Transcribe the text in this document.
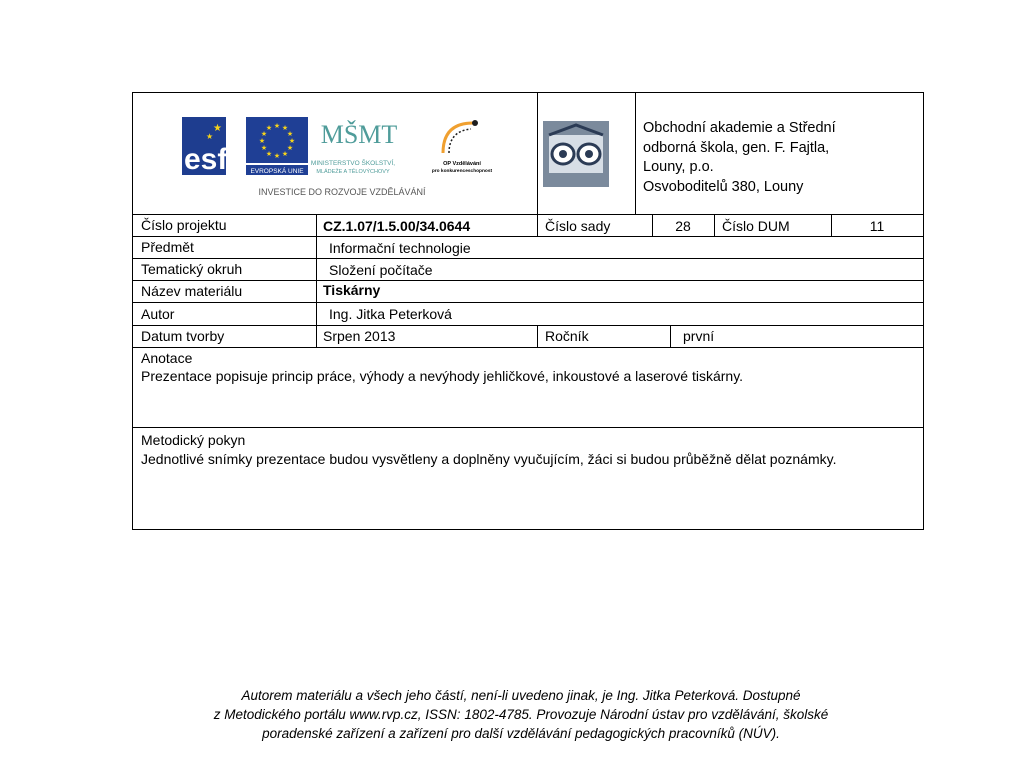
esf
★
★
★ ★
★
★
★
★
★
★
★
★
★
★
EVROPSKÁ UNIE
MŠMT
MINISTERSTVO ŠKOLSTVÍ,
MLÁDEŽE A TĚLOVÝCHOVY
OP Vzdělávání
pro konkurenceschopnost
INVESTICE DO ROZVOJE VZDĚLÁVÁNÍ
Obchodní akademie a Střední
odborná škola, gen. F. Fajtla,
Louny, p.o.
Osvoboditelů 380, Louny
Číslo projektu	CZ.1.07/1.5.00/34.0644	Číslo sady	28	Číslo DUM	11
Předmět	Informační technologie
Tematický okruh	Složení počítače
Název materiálu	Tiskárny
Autor	Ing. Jitka Peterková
Datum tvorby	Srpen 2013	Ročník	první
Anotace
Prezentace popisuje princip práce, výhody a nevýhody jehličkové, inkoustové a laserové tiskárny.
Metodický pokyn
Jednotlivé snímky prezentace budou vysvětleny a doplněny vyučujícím, žáci si budou průběžně dělat poznámky.
Autorem materiálu a všech jeho částí, není-li uvedeno jinak, je Ing. Jitka Peterková. Dostupné
z Metodického portálu www.rvp.cz, ISSN: 1802-4785. Provozuje Národní ústav pro vzdělávání, školské
poradenské zařízení a zařízení pro další vzdělávání pedagogických pracovníků (NÚV).
